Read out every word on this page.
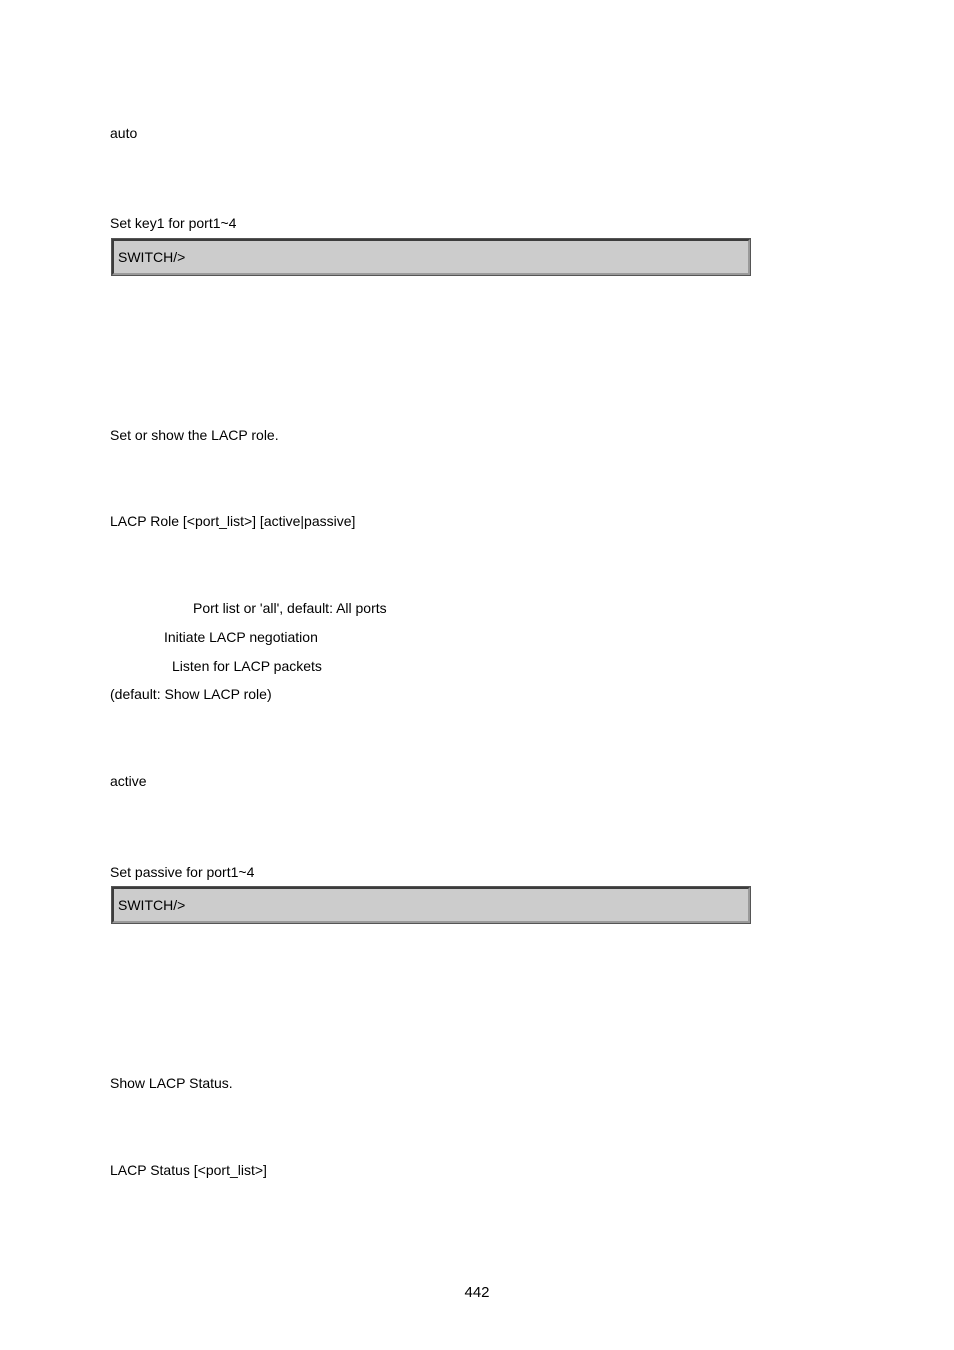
auto
Set key1 for port1~4
SWITCH/>
Set or show the LACP role.
LACP Role [<port_list>] [active|passive]
Port list or 'all', default: All ports
Initiate LACP negotiation
Listen for LACP packets
(default: Show LACP role)
active
Set passive for port1~4
SWITCH/>
Show LACP Status.
LACP Status [<port_list>]
442
